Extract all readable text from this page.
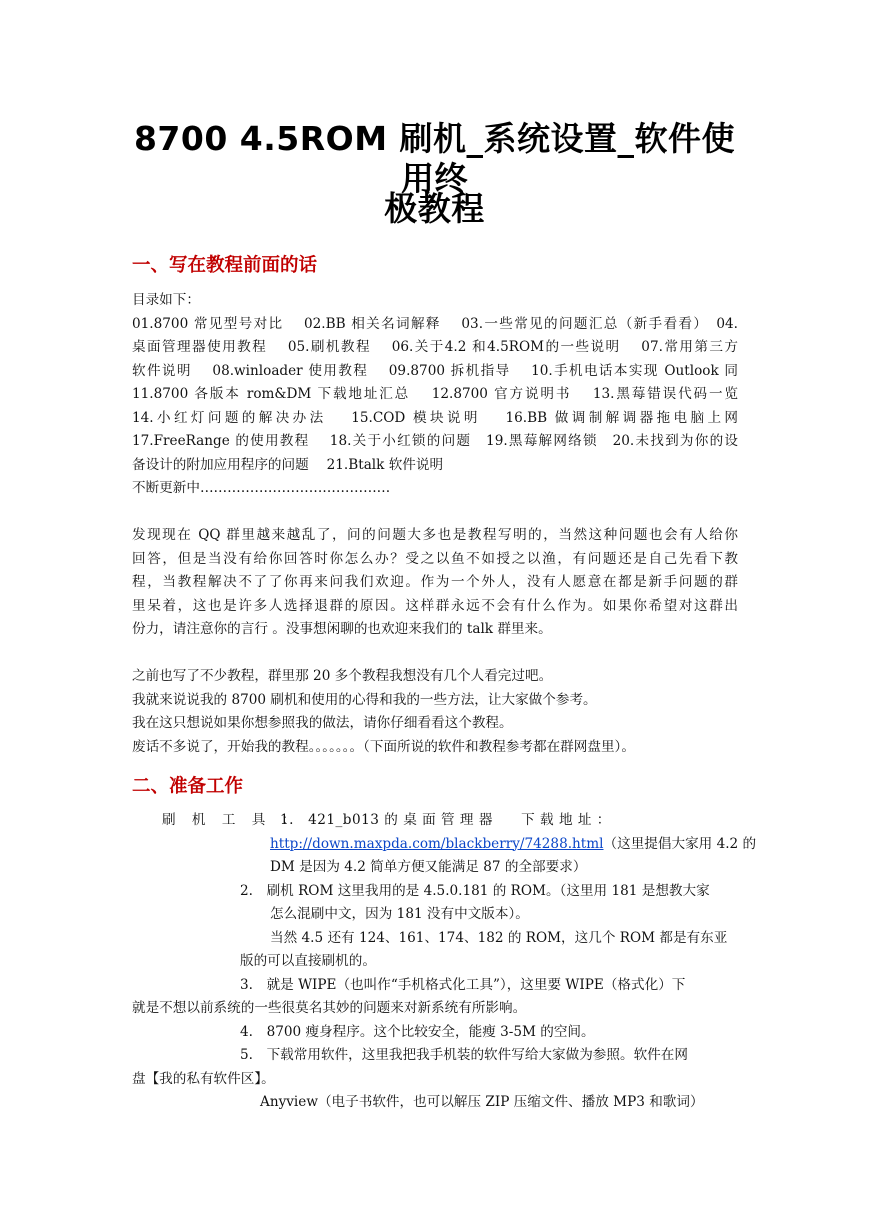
8700 4.5ROM 刷机_系统设置_软件使用终
极教程
一、写在教程前面的话
目录如下：
01.8700 常见型号对比　 02.BB 相关名词解释　 03.一些常见的问题汇总（新手看看）　04.
桌面管理器使用教程　 05.刷机教程　 06.关于4.2 和4.5ROM的一些说明　 07.常用第三方
软件说明　 08.winloader 使用教程　 09.8700 拆机指导　 10.手机电话本实现 Outlook 同
11.8700 各版本 rom&DM 下载地址汇总　 12.8700 官方说明书　 13.黑莓错误代码一览
14.小红灯问题的解决办法　 15.COD 模块说明　 16.BB 做调制解调器拖电脑上网
17.FreeRange 的使用教程　 18.关于小红锁的问题　19.黑莓解网络锁　20.未找到为你的设
备设计的附加应用程序的问题　 21.Btalk 软件说明
不断更新中……………………………………
发现现在 QQ 群里越来越乱了，问的问题大多也是教程写明的，当然这种问题也会有人给你
回答，但是当没有给你回答时你怎么办？受之以鱼不如授之以渔，有问题还是自己先看下教
程，当教程解决不了了你再来问我们欢迎。作为一个外人，没有人愿意在都是新手问题的群
里呆着，这也是许多人选择退群的原因。这样群永远不会有什么作为。如果你希望对这群出
份力，请注意你的言行 。没事想闲聊的也欢迎来我们的 talk 群里来。
之前也写了不少教程，群里那 20 多个教程我想没有几个人看完过吧。
我就来说说我的 8700 刷机和使用的心得和我的一些方法，让大家做个参考。
我在这只想说如果你想参照我的做法，请你仔细看看这个教程。
废话不多说了，开始我的教程。。。。。。。（下面所说的软件和教程参考都在群网盘里）。
二、准备工作
刷 机 工 具 ：
1.　421_b013 的 桌 面 管 理 器　　下 载 地 址 ：
http://down.maxpda.com/blackberry/74288.html（这里提倡大家用 4.2 的
DM 是因为 4.2 简单方便又能满足 87 的全部要求）
2.　刷机 ROM 这里我用的是 4.5.0.181 的 ROM。（这里用 181 是想教大家
怎么混刷中文，因为 181 没有中文版本）。
当然 4.5 还有 124、161、174、182 的 ROM，这几个 ROM 都是有东亚
版的可以直接刷机的。
3.　就是 WIPE（也叫作“手机格式化工具”），这里要 WIPE（格式化）下
就是不想以前系统的一些很莫名其妙的问题来对新系统有所影响。
4.　8700 瘦身程序。这个比较安全，能瘦 3-5M 的空间。
5.　下载常用软件，这里我把我手机装的软件写给大家做为参照。软件在网
盘【我的私有软件区】。
Anyview（电子书软件，也可以解压 ZIP 压缩文件、播放 MP3 和歌词）
